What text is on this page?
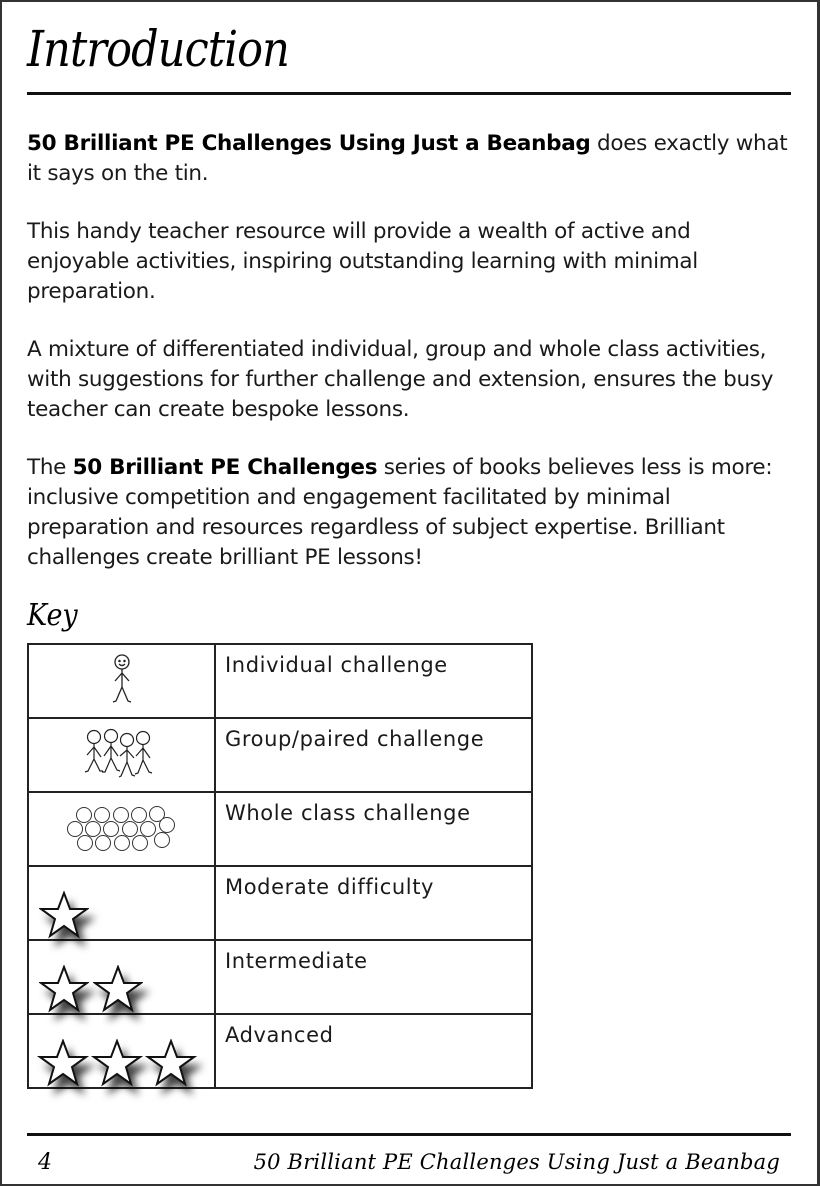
Introduction

50 Brilliant PE Challenges Using Just a Beanbag does exactly what it says on the tin.

This handy teacher resource will provide a wealth of active and enjoyable activities, inspiring outstanding learning with minimal preparation.

A mixture of differentiated individual, group and whole class activities, with suggestions for further challenge and extension, ensures the busy teacher can create bespoke lessons.

The 50 Brilliant PE Challenges series of books believes less is more: inclusive competition and engagement facilitated by minimal preparation and resources regardless of subject expertise. Brilliant challenges create brilliant PE lessons!

Key
	Individual challenge

	Group/paired challenge

	Whole class challenge

	Moderate difficulty

	Intermediate

	Advanced
4	50 Brilliant PE Challenges Using Just a Beanbag
